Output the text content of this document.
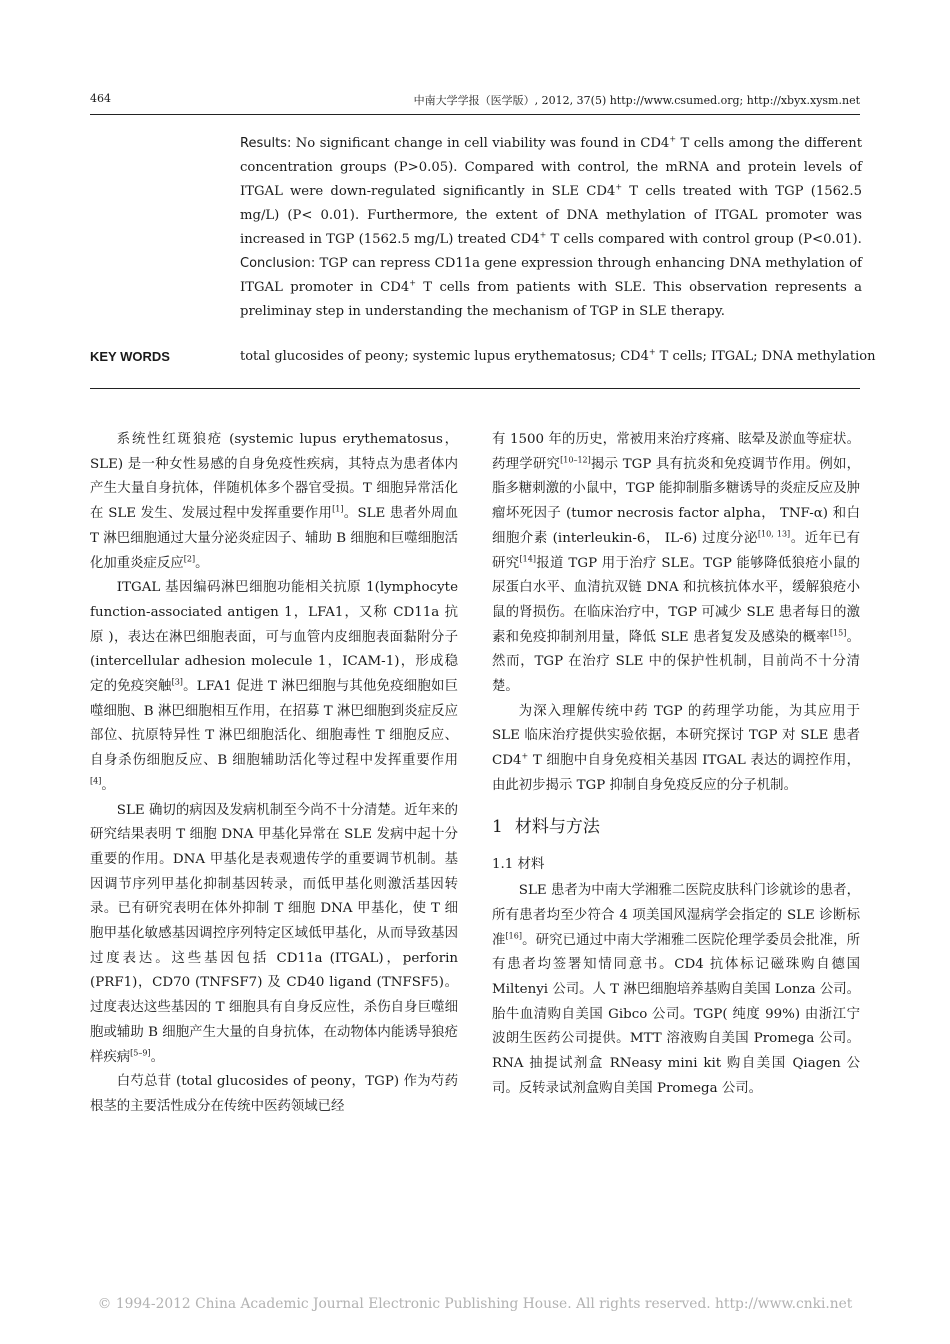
464	中南大学学报（医学版）, 2012, 37(5) http://www.csumed.org; http://xbyx.xysm.net
Results: No significant change in cell viability was found in CD4+ T cells among the different concentration groups (P>0.05). Compared with control, the mRNA and protein levels of ITGAL were down-regulated significantly in SLE CD4+ T cells treated with TGP (1562.5 mg/L) (P< 0.01). Furthermore, the extent of DNA methylation of ITGAL promoter was increased in TGP (1562.5 mg/L) treated CD4+ T cells compared with control group (P<0.01).
Conclusion: TGP can repress CD11a gene expression through enhancing DNA methylation of ITGAL promoter in CD4+ T cells from patients with SLE. This observation represents a preliminay step in understanding the mechanism of TGP in SLE therapy.
KEY WORDS	total glucosides of peony; systemic lupus erythematosus; CD4+ T cells; ITGAL; DNA methylation

系统性红斑狼疮 (systemic lupus erythematosus，SLE) 是一种女性易感的自身免疫性疾病，其特点为患者体内产生大量自身抗体，伴随机体多个器官受损。T 细胞异常活化在 SLE 发生、发展过程中发挥重要作用[1]。SLE 患者外周血 T 淋巴细胞通过大量分泌炎症因子、辅助 B 细胞和巨噬细胞活化加重炎症反应[2]。

ITGAL 基因编码淋巴细胞功能相关抗原 1(lymphocyte function-associated antigen 1，LFA1，又称 CD11a 抗原 )，表达在淋巴细胞表面，可与血管内皮细胞表面黏附分子 (intercellular adhesion molecule 1，ICAM-1)，形成稳定的免疫突触[3]。LFA1 促进 T 淋巴细胞与其他免疫细胞如巨噬细胞、B 淋巴细胞相互作用，在招募 T 淋巴细胞到炎症反应部位、抗原特异性 T 淋巴细胞活化、细胞毒性 T 细胞反应、自身杀伤细胞反应、B 细胞辅助活化等过程中发挥重要作用[4]。

SLE 确切的病因及发病机制至今尚不十分清楚。近年来的研究结果表明 T 细胞 DNA 甲基化异常在 SLE 发病中起十分重要的作用。DNA 甲基化是表观遗传学的重要调节机制。基因调节序列甲基化抑制基因转录，而低甲基化则激活基因转录。已有研究表明在体外抑制 T 细胞 DNA 甲基化，使 T 细胞甲基化敏感基因调控序列特定区域低甲基化，从而导致基因过度表达。这些基因包括 CD11a (ITGAL)，perforin (PRF1)，CD70 (TNFSF7) 及 CD40 ligand (TNFSF5)。过度表达这些基因的 T 细胞具有自身反应性，杀伤自身巨噬细胞或辅助 B 细胞产生大量的自身抗体，在动物体内能诱导狼疮样疾病[5–9]。

白芍总苷 (total glucosides of peony，TGP) 作为芍药根茎的主要活性成分在传统中医药领域已经

有 1500 年的历史，常被用来治疗疼痛、眩晕及淤血等症状。药理学研究[10–12]揭示 TGP 具有抗炎和免疫调节作用。例如，脂多糖刺激的小鼠中，TGP 能抑制脂多糖诱导的炎症反应及肿瘤坏死因子 (tumor necrosis factor alpha， TNF-α) 和白细胞介素 (interleukin-6， IL-6) 过度分泌[10, 13]。近年已有研究[14]报道 TGP 用于治疗 SLE。TGP 能够降低狼疮小鼠的尿蛋白水平、血清抗双链 DNA 和抗核抗体水平，缓解狼疮小鼠的肾损伤。在临床治疗中，TGP 可减少 SLE 患者每日的激素和免疫抑制剂用量，降低 SLE 患者复发及感染的概率[15]。然而，TGP 在治疗 SLE 中的保护性机制，目前尚不十分清楚。

为深入理解传统中药 TGP 的药理学功能，为其应用于 SLE 临床治疗提供实验依据，本研究探讨 TGP 对 SLE 患者 CD4+ T 细胞中自身免疫相关基因 ITGAL 表达的调控作用，由此初步揭示 TGP 抑制自身免疫反应的分子机制。

1 材料与方法
1.1 材料

SLE 患者为中南大学湘雅二医院皮肤科门诊就诊的患者，所有患者均至少符合 4 项美国风湿病学会指定的 SLE 诊断标准[16]。研究已通过中南大学湘雅二医院伦理学委员会批准，所有患者均签署知情同意书。CD4 抗体标记磁珠购自德国 Miltenyi 公司。人 T 淋巴细胞培养基购自美国 Lonza 公司。胎牛血清购自美国 Gibco 公司。TGP( 纯度 99%) 由浙江宁波朗生医药公司提供。MTT 溶液购自美国 Promega 公司。RNA 抽提试剂盒 RNeasy mini kit 购自美国 Qiagen 公司。反转录试剂盒购自美国 Promega 公司。

© 1994-2012 China Academic Journal Electronic Publishing House. All rights reserved. http://www.cnki.net
